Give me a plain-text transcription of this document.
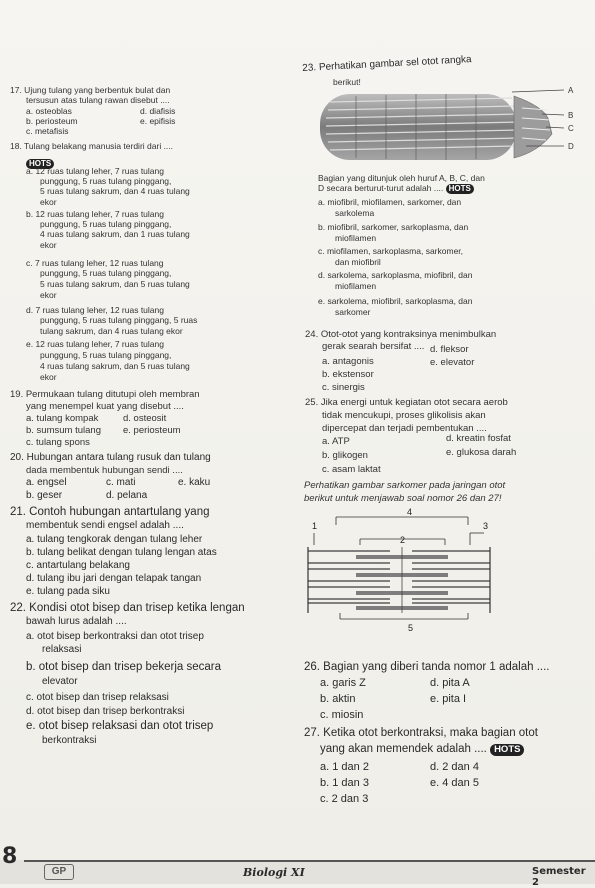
17. Ujung tulang yang berbentuk bulat dan
tersusun atas tulang rawan disebut ....
a. osteoblas	d. diafisis
b. periosteum	e. epifisis
c. metafisis
18. Tulang belakang manusia terdiri dari ....
HOTS
a. 12 ruas tulang leher, 7 ruas tulang
punggung, 5 ruas tulang pinggang,
5 ruas tulang sakrum, dan 4 ruas tulang
ekor
b. 12 ruas tulang leher, 7 ruas tulang
punggung, 5 ruas tulang pinggang,
4 ruas tulang sakrum, dan 1 ruas tulang
ekor
c. 7 ruas tulang leher, 12 ruas tulang
punggung, 5 ruas tulang pinggang,
5 ruas tulang sakrum, dan 5 ruas tulang
ekor
d. 7 ruas tulang leher, 12 ruas tulang
punggung, 5 ruas tulang pinggang, 5 ruas
tulang sakrum, dan 4 ruas tulang ekor
e. 12 ruas tulang leher, 7 ruas tulang
punggung, 5 ruas tulang pinggang,
4 ruas tulang sakrum, dan 5 ruas tulang
ekor
19. Permukaan tulang ditutupi oleh membran
yang menempel kuat yang disebut ....
a. tulang kompak	d. osteosit
b. sumsum tulang e. periosteum
c. tulang spons
20. Hubungan antara tulang rusuk dan tulang
dada membentuk hubungan sendi ....
a. engsel	c. mati	e. kaku
b. geser	d. pelana
21. Contoh hubungan antartulang yang
membentuk sendi engsel adalah ....
a. tulang tengkorak dengan tulang leher
b. tulang belikat dengan tulang lengan atas
c. antartulang belakang
d. tulang ibu jari dengan telapak tangan
e. tulang pada siku
22. Kondisi otot bisep dan trisep ketika lengan
bawah lurus adalah ....
a. otot bisep berkontraksi dan otot trisep
relaksasi
b. otot bisep dan trisep bekerja secara
elevator
c. otot bisep dan trisep relaksasi
d. otot bisep dan trisep berkontraksi
e. otot bisep relaksasi dan otot trisep
berkontraksi
23. Perhatikan gambar sel otot rangka
berikut!
A
B
C
D
Bagian yang ditunjuk oleh huruf A, B, C, dan
D secara berturut-turut adalah .... HOTS
a. miofibril, miofilamen, sarkomer, dan
sarkolema
b. miofibril, sarkomer, sarkoplasma, dan
miofilamen
c. miofilamen, sarkoplasma, sarkomer,
dan miofibril
d. sarkolema, sarkoplasma, miofibril, dan
miofilamen
e. sarkolema, miofibril, sarkoplasma, dan
sarkomer
24. Otot-otot yang kontraksinya menimbulkan
gerak searah bersifat ....
a. antagonis
d. fleksor
b. ekstensor
e. elevator
c. sinergis
25. Jika energi untuk kegiatan otot secara aerob
tidak mencukupi, proses glikolisis akan
dipercepat dan terjadi pembentukan ....
a. ATP	d. kreatin fosfat
b. glikogen	e. glukosa darah
c. asam laktat
Perhatikan gambar sarkomer pada jaringan otot
berikut untuk menjawab soal nomor 26 dan 27!
1
2
3
4
5
26. Bagian yang diberi tanda nomor 1 adalah ....
a. garis Z	d. pita A
b. aktin	e. pita I
c. miosin
27. Ketika otot berkontraksi, maka bagian otot
yang akan memendek adalah .... HOTS
a. 1 dan 2	d. 2 dan 4
b. 1 dan 3	e. 4 dan 5
c. 2 dan 3
8
GP	Biologi XI	Semester 2
